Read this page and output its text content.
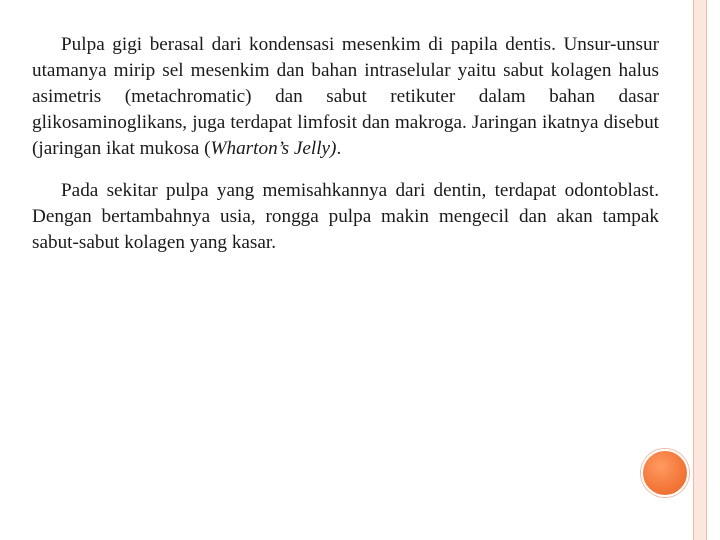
Pulpa gigi berasal dari kondensasi mesenkim di papila dentis. Unsur-unsur utamanya mirip sel mesenkim dan bahan intraselular yaitu sabut kolagen halus asimetris (metachromatic) dan sabut retikuter dalam bahan dasar glikosaminoglikans, juga terdapat limfosit dan makroga. Jaringan ikatnya disebut (jaringan ikat mukosa (Wharton’s Jelly).

Pada sekitar pulpa yang memisahkannya dari dentin, terdapat odontoblast. Dengan bertambahnya usia, rongga pulpa makin mengecil dan akan tampak sabut-sabut kolagen yang kasar.
